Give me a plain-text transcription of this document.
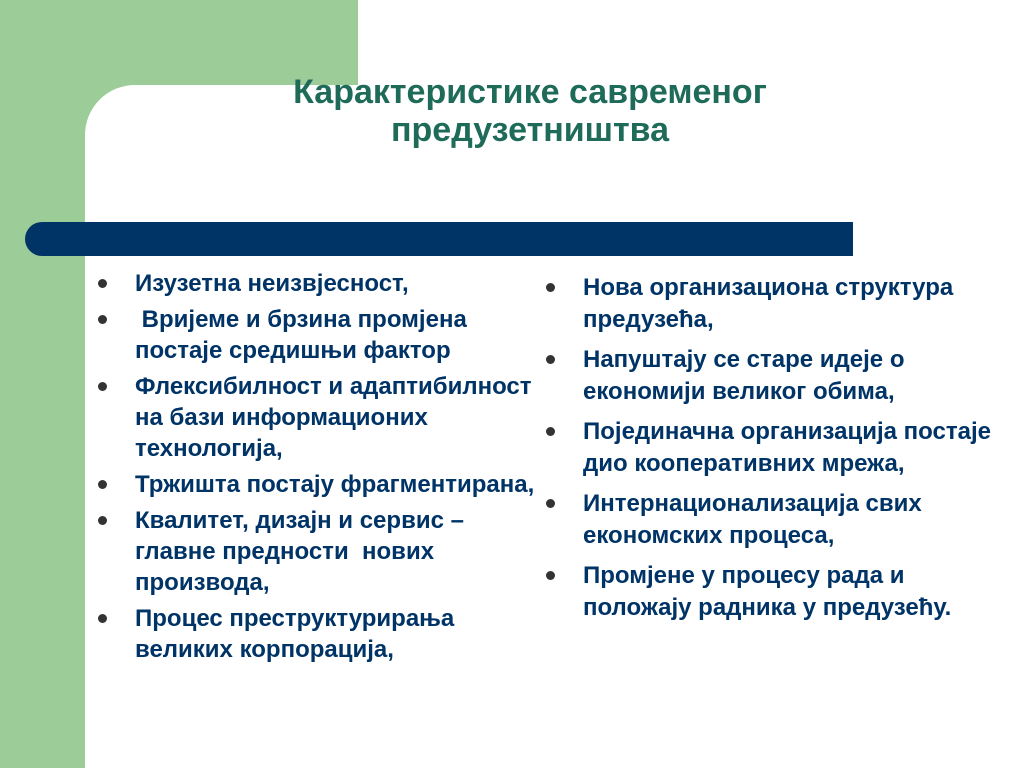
Карактеристике савременог
предузетништва
Изузетна неизвјесност,
Вријеме и брзина промјена постаје средишњи фактор
Флексибилност и адаптибилност на бази информационих технологија,
Тржишта постају фрагментирана,
Квалитет, дизајн и сервис – главне предности  нових производа,
Процес преструктурирања великих корпорација,
Нова организациона структура предузећа,
Напуштају се старе идеје о економији великог обима,
Појединачна организација постаје дио кооперативних мрежа,
Интернационализација свих економских процеса,
Промјене у процесу рада и положају радника у предузећу.
